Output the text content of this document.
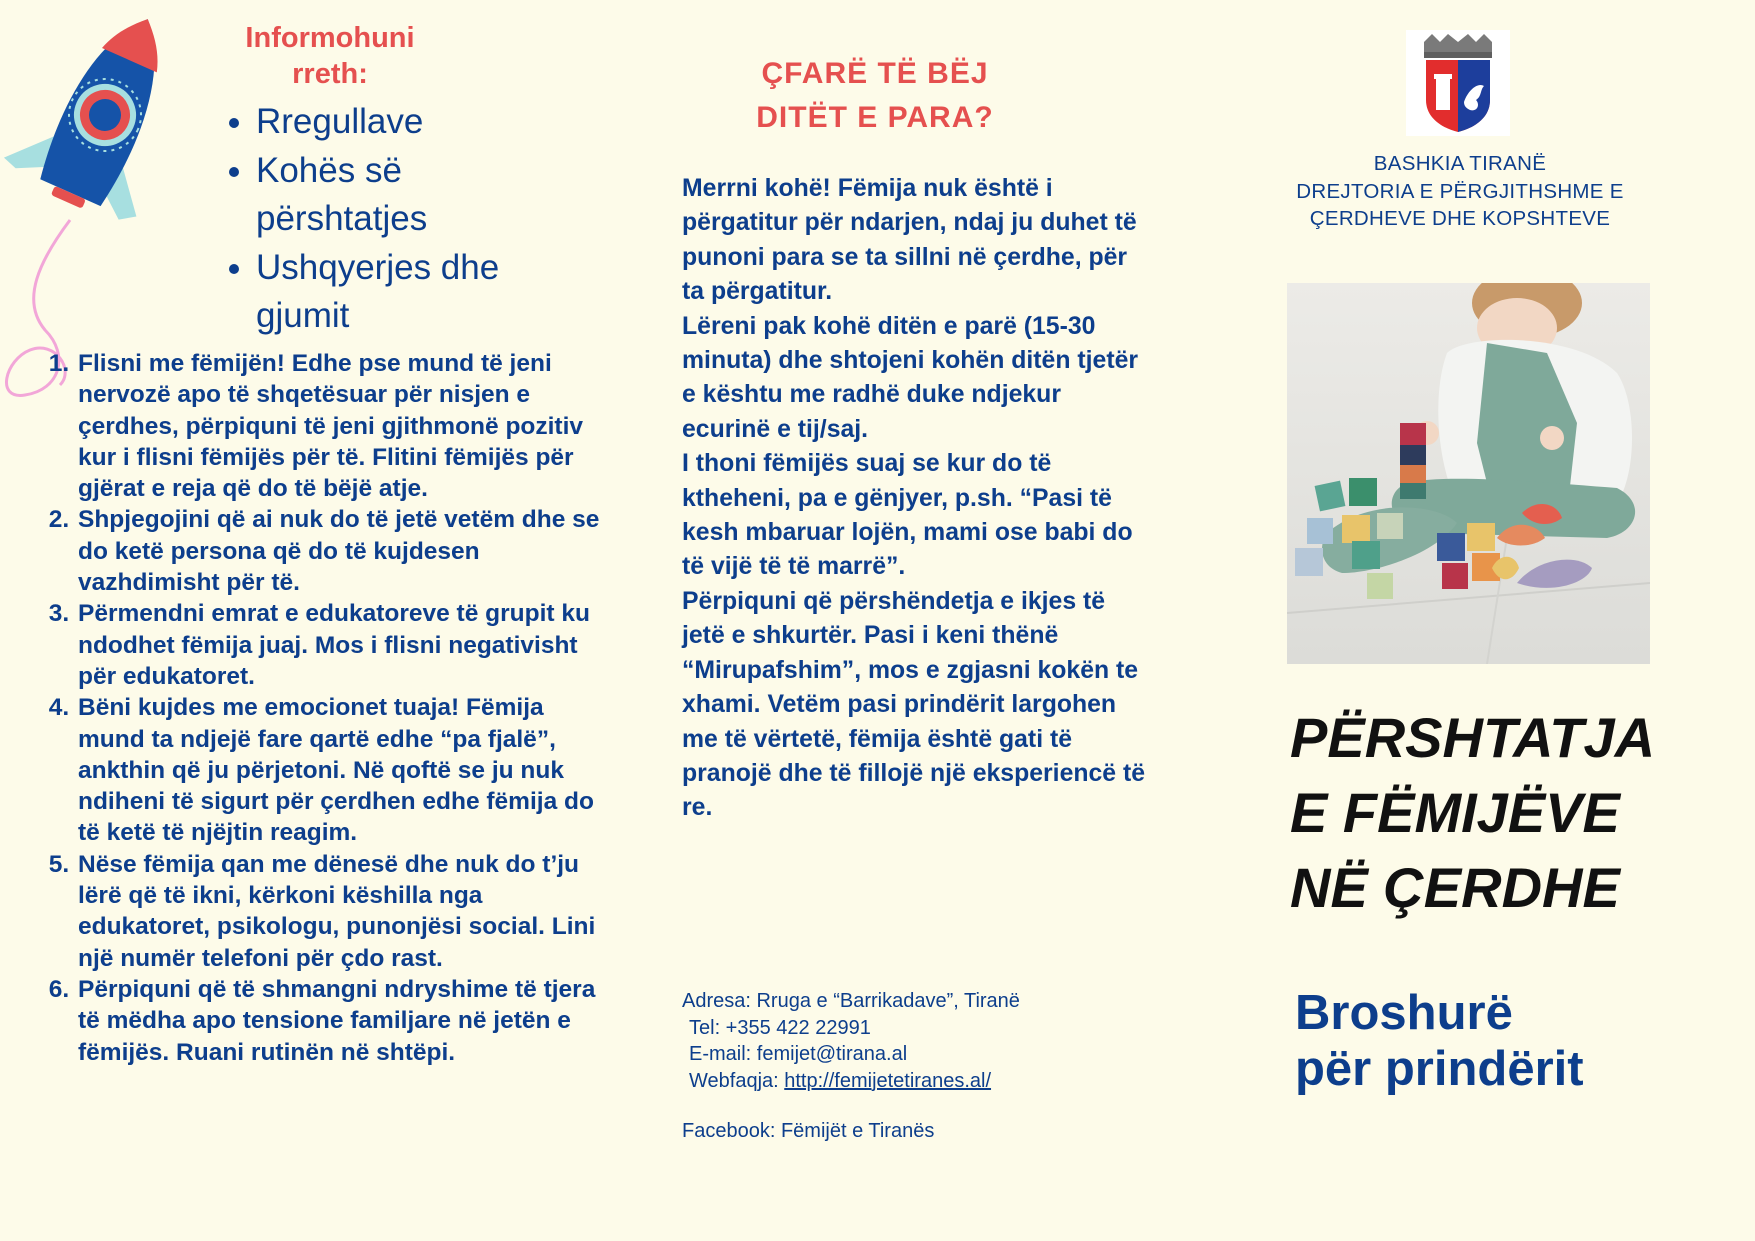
Informohuni rreth:
• Rregullave
• Kohës së përshtatjes
• Ushqyerjes dhe gjumit
1. Flisni me fëmijën! Edhe pse mund të jeni nervozë apo të shqetësuar për nisjen e çerdhes, përpiquni të jeni gjithmonë pozitiv kur i flisni fëmijës për të. Flitini fëmijës për gjërat e reja që do të bëjë atje.
2. Shpjegojini që ai nuk do të jetë vetëm dhe se do ketë persona që do të kujdesen vazhdimisht për të.
3. Përmendni emrat e edukatoreve të grupit ku ndodhet fëmija juaj. Mos i flisni negativisht për edukatoret.
4. Bëni kujdes me emocionet tuaja! Fëmija mund ta ndjejë fare qartë edhe “pa fjalë”, ankthin që ju përjetoni. Në qoftë se ju nuk ndiheni të sigurt për çerdhen edhe fëmija do të ketë të njëjtin reagim.
5. Nëse fëmija qan me dënesë dhe nuk do t’ju lërë që të ikni, kërkoni këshilla nga edukatoret, psikologu, punonjësi social. Lini një numër telefoni për çdo rast.
6. Përpiquni që të shmangni ndryshime të tjera të mëdha apo tensione familjare në jetën e fëmijës. Ruani rutinën në shtëpi.
ÇFARË TË BËJ
DITËT E PARA?

Merrni kohë! Fëmija nuk është i përgatitur për ndarjen, ndaj ju duhet të punoni para se ta sillni në çerdhe, për ta përgatitur.

Lëreni pak kohë ditën e parë (15-30 minuta) dhe shtojeni kohën ditën tjetër e kështu me radhë duke ndjekur ecurinë e tij/saj.

I thoni fëmijës suaj se kur do të ktheheni, pa e gënjyer, p.sh. “Pasi të kesh mbaruar lojën, mami ose babi do të vijë të të marrë”.

Përpiquni që përshëndetja e ikjes të jetë e shkurtër. Pasi i keni thënë “Mirupafshim”, mos e zgjasni kokën te xhami. Vetëm pasi prindërit largohen me të vërtetë, fëmija është gati të pranojë dhe të fillojë një eksperiencë të re.

Adresa: Rruga e “Barrikadave”, Tiranë
Tel: +355 422 22991
E-mail: femijet@tirana.al
Webfaqja: http://femijetetiranes.al/
Facebook: Fëmijët e Tiranës
BASHKIA TIRANË
DREJTORIA E PËRGJITHSHME E
ÇERDHEVE DHE KOPSHTEVE
PËRSHTATJA
E FËMIJËVE
NË ÇERDHE
Broshurë
për prindërit
